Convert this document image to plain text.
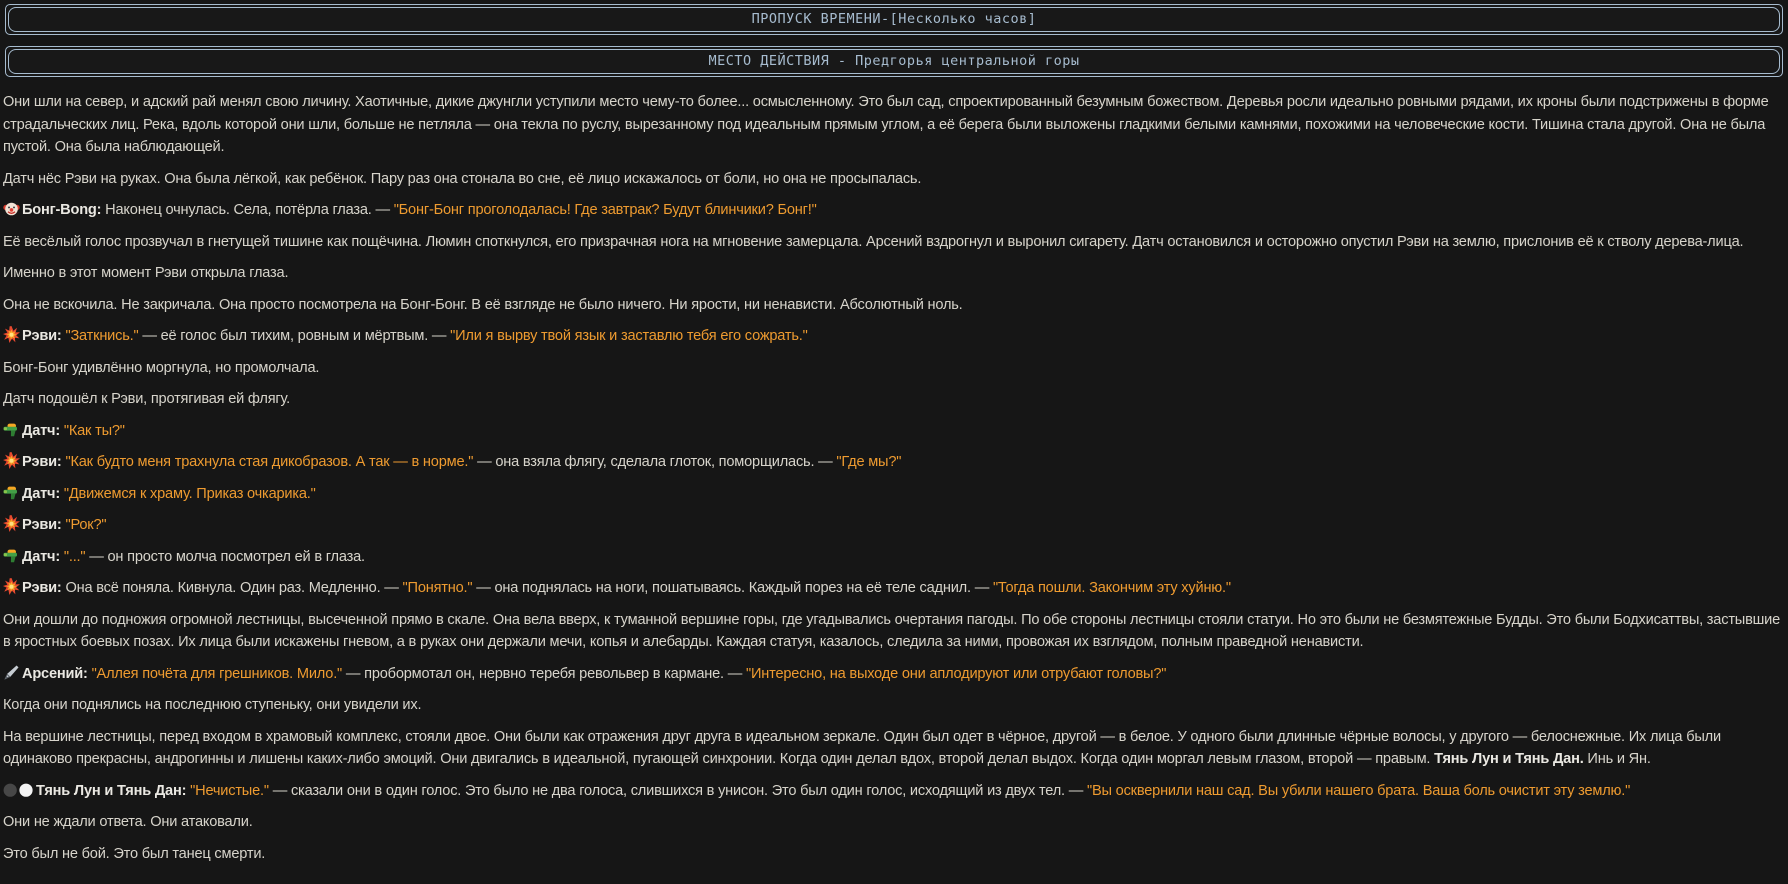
ПРОПУСК ВРЕМЕНИ-[Несколько часов]
МЕСТО ДЕЙСТВИЯ - Предгорья центральной горы
Они шли на север, и адский рай менял свою личину. Хаотичные, дикие джунгли уступили место чему-то более... осмысленному. Это был сад, спроектированный безумным божеством. Деревья росли идеально ровными рядами, их кроны были подстрижены в форме страдальческих лиц. Река, вдоль которой они шли, больше не петляла — она текла по руслу, вырезанному под идеальным прямым углом, а её берега были выложены гладкими белыми камнями, похожими на человеческие кости. Тишина стала другой. Она не была пустой. Она была наблюдающей.
Датч нёс Рэви на руках. Она была лёгкой, как ребёнок. Пару раз она стонала во сне, её лицо искажалось от боли, но она не просыпалась.
Бонг-Bong: Наконец очнулась. Села, потёрла глаза. — "Бонг-Бонг проголодалась! Где завтрак? Будут блинчики? Бонг!"
Её весёлый голос прозвучал в гнетущей тишине как пощёчина. Люмин споткнулся, его призрачная нога на мгновение замерцала. Арсений вздрогнул и выронил сигарету. Датч остановился и осторожно опустил Рэви на землю, прислонив её к стволу дерева-лица.
Именно в этот момент Рэви открыла глаза.
Она не вскочила. Не закричала. Она просто посмотрела на Бонг-Бонг. В её взгляде не было ничего. Ни ярости, ни ненависти. Абсолютный ноль.
Рэви: "Заткнись." — её голос был тихим, ровным и мёртвым. — "Или я вырву твой язык и заставлю тебя его сожрать."
Бонг-Бонг удивлённо моргнула, но промолчала.
Датч подошёл к Рэви, протягивая ей флягу.
Датч: "Как ты?"
Рэви: "Как будто меня трахнула стая дикобразов. А так — в норме." — она взяла флягу, сделала глоток, поморщилась. — "Где мы?"
Датч: "Движемся к храму. Приказ очкарика."
Рэви: "Рок?"
Датч: "..." — он просто молча посмотрел ей в глаза.
Рэви: Она всё поняла. Кивнула. Один раз. Медленно. — "Понятно." — она поднялась на ноги, пошатываясь. Каждый порез на её теле саднил. — "Тогда пошли. Закончим эту хуйню."
Они дошли до подножия огромной лестницы, высеченной прямо в скале. Она вела вверх, к туманной вершине горы, где угадывались очертания пагоды. По обе стороны лестницы стояли статуи. Но это были не безмятежные Будды. Это были Бодхисаттвы, застывшие в яростных боевых позах. Их лица были искажены гневом, а в руках они держали мечи, копья и алебарды. Каждая статуя, казалось, следила за ними, провожая их взглядом, полным праведной ненависти.
Арсений: "Аллея почёта для грешников. Мило." — пробормотал он, нервно теребя револьвер в кармане. — "Интересно, на выходе они аплодируют или отрубают головы?"
Когда они поднялись на последнюю ступеньку, они увидели их.
На вершине лестницы, перед входом в храмовый комплекс, стояли двое. Они были как отражения друг друга в идеальном зеркале. Один был одет в чёрное, другой — в белое. У одного были длинные чёрные волосы, у другого — белоснежные. Их лица были одинаково прекрасны, андрогинны и лишены каких-либо эмоций. Они двигались в идеальной, пугающей синхронии. Когда один делал вдох, второй делал выдох. Когда один моргал левым глазом, второй — правым. Тянь Лун и Тянь Дан. Инь и Ян.
Тянь Лун и Тянь Дан: "Нечистые." — сказали они в один голос. Это было не два голоса, слившихся в унисон. Это был один голос, исходящий из двух тел. — "Вы осквернили наш сад. Вы убили нашего брата. Ваша боль очистит эту землю."
Они не ждали ответа. Они атаковали.
Это был не бой. Это был танец смерти.
